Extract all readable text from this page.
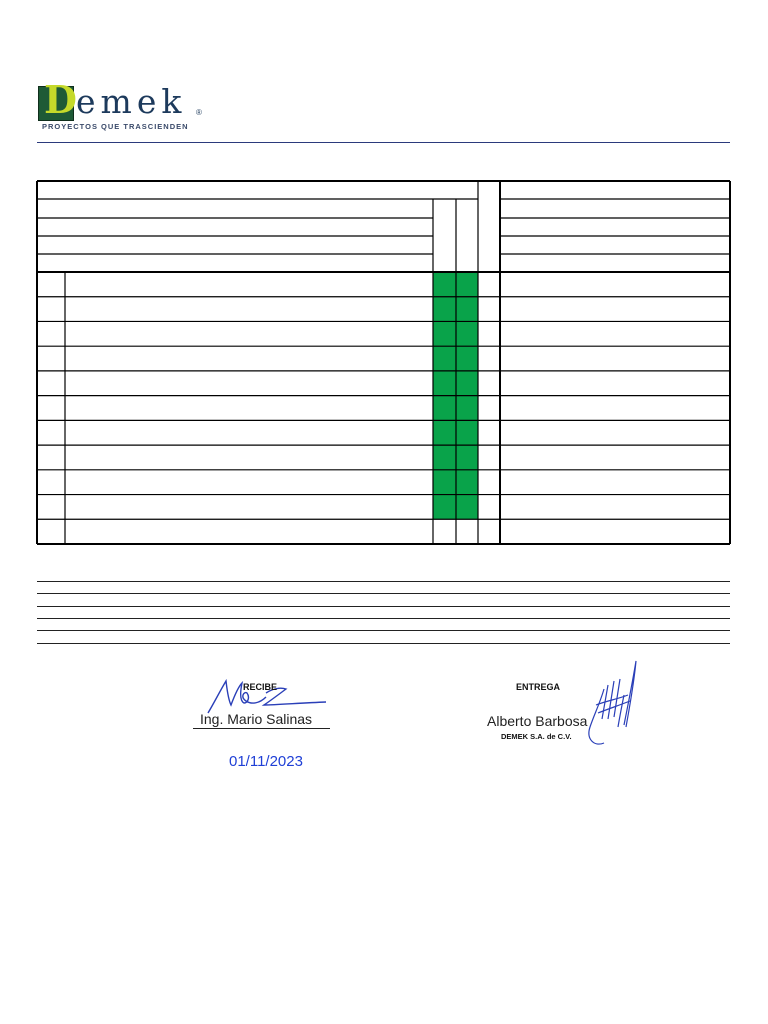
D emek ®
PROYECTOS QUE TRASCIENDEN
RECIBE
Ing. Mario Salinas
01/11/2023
ENTREGA
Alberto Barbosa
DEMEK S.A. de C.V.
